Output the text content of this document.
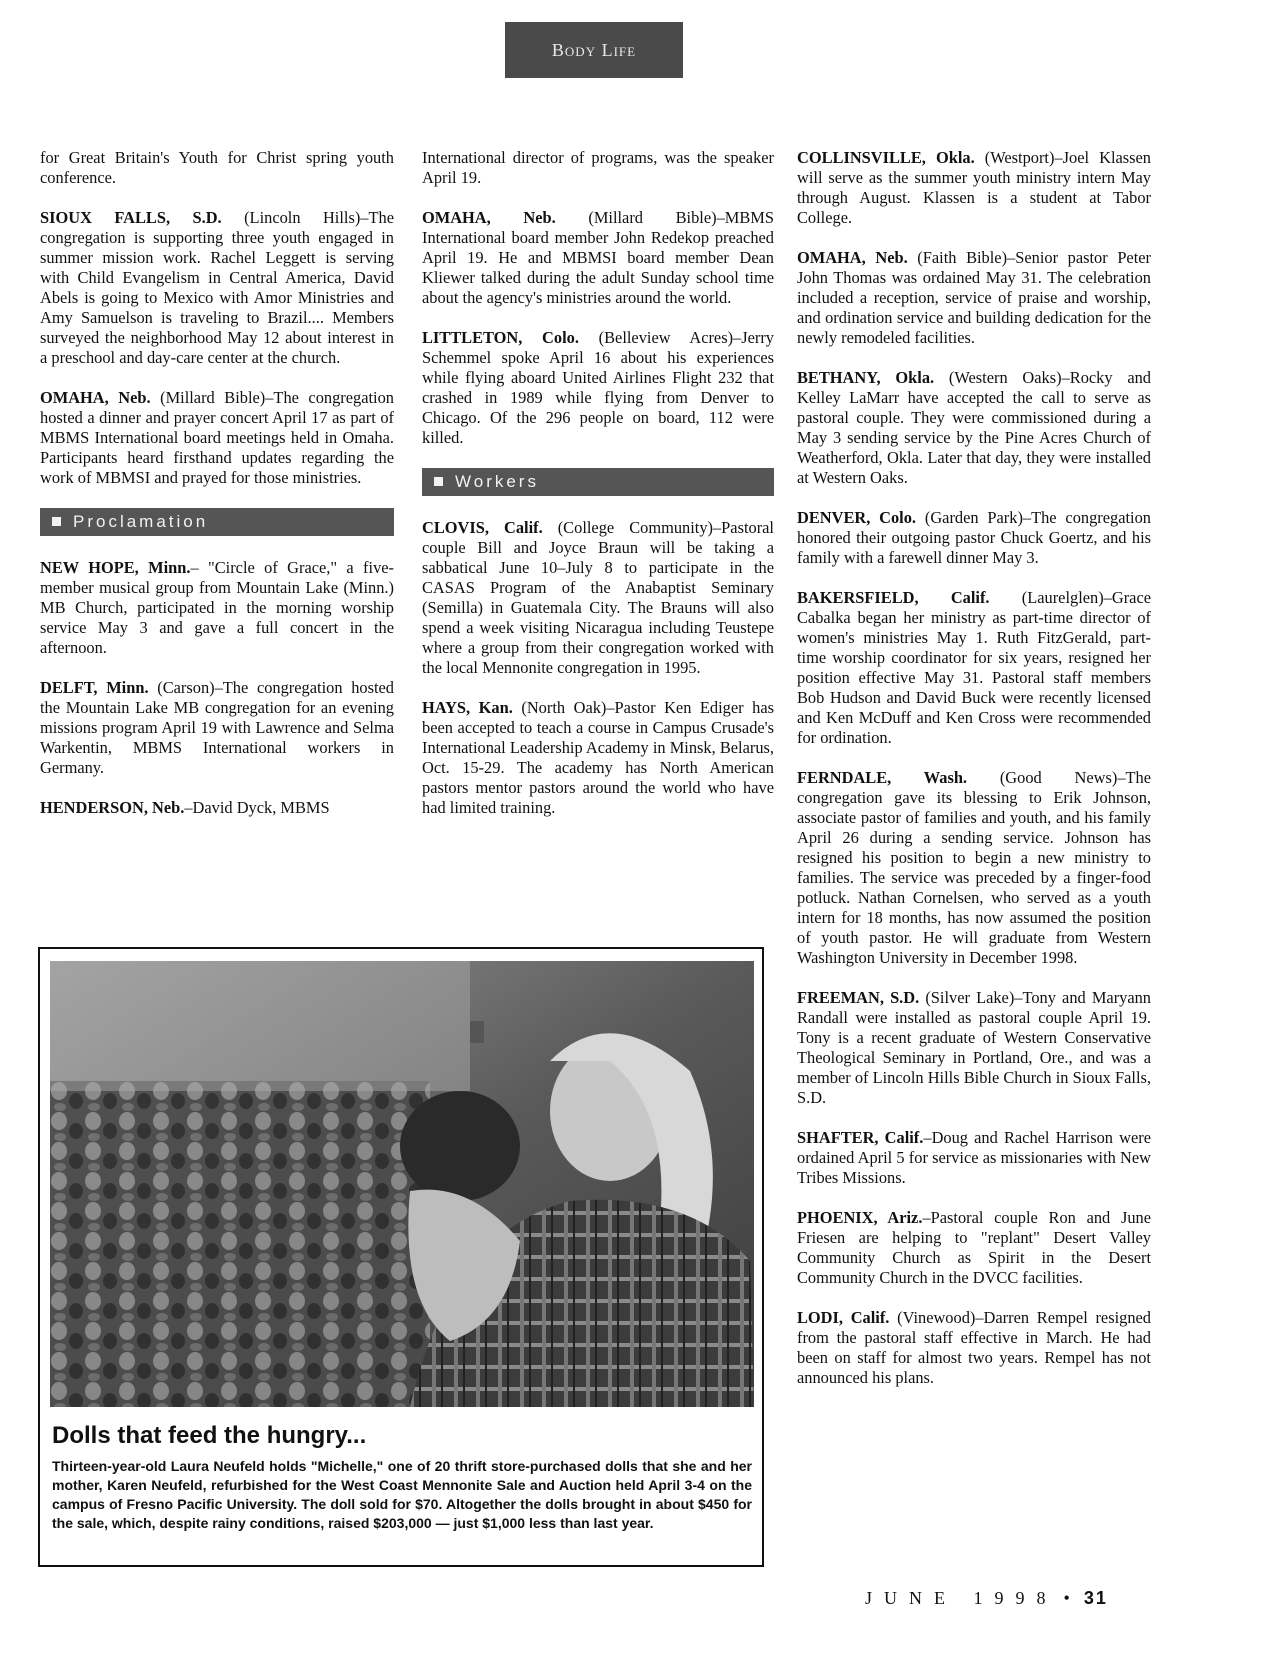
Body Life

for Great Britain's Youth for Christ spring youth conference.

SIOUX FALLS, S.D. (Lincoln Hills)–The congregation is supporting three youth engaged in summer mission work. Rachel Leggett is serving with Child Evangelism in Central America, David Abels is going to Mexico with Amor Ministries and Amy Samuelson is traveling to Brazil.... Members surveyed the neighborhood May 12 about interest in a preschool and day-care center at the church.

OMAHA, Neb. (Millard Bible)–The congregation hosted a dinner and prayer concert April 17 as part of MBMS International board meetings held in Omaha. Participants heard firsthand updates regarding the work of MBMSI and prayed for those ministries.

Proclamation

NEW HOPE, Minn.– "Circle of Grace," a five-member musical group from Mountain Lake (Minn.) MB Church, participated in the morning worship service May 3 and gave a full concert in the afternoon.

DELFT, Minn. (Carson)–The congregation hosted the Mountain Lake MB congregation for an evening missions program April 19 with Lawrence and Selma Warkentin, MBMS International workers in Germany.

HENDERSON, Neb.–David Dyck, MBMS

International director of programs, was the speaker April 19.

OMAHA, Neb. (Millard Bible)–MBMS International board member John Redekop preached April 19. He and MBMSI board member Dean Kliewer talked during the adult Sunday school time about the agency's ministries around the world.

LITTLETON, Colo. (Belleview Acres)–Jerry Schemmel spoke April 16 about his experiences while flying aboard United Airlines Flight 232 that crashed in 1989 while flying from Denver to Chicago. Of the 296 people on board, 112 were killed.

Workers

CLOVIS, Calif. (College Community)–Pastoral couple Bill and Joyce Braun will be taking a sabbatical June 10–July 8 to participate in the CASAS Program of the Anabaptist Seminary (Semilla) in Guatemala City. The Brauns will also spend a week visiting Nicaragua including Teustepe where a group from their congregation worked with the local Mennonite congregation in 1995.

HAYS, Kan. (North Oak)–Pastor Ken Ediger has been accepted to teach a course in Campus Crusade's International Leadership Academy in Minsk, Belarus, Oct. 15-29. The academy has North American pastors mentor pastors around the world who have had limited training.

COLLINSVILLE, Okla. (Westport)–Joel Klassen will serve as the summer youth ministry intern May through August. Klassen is a student at Tabor College.

OMAHA, Neb. (Faith Bible)–Senior pastor Peter John Thomas was ordained May 31. The celebration included a reception, service of praise and worship, and ordination service and building dedication for the newly remodeled facilities.

BETHANY, Okla. (Western Oaks)–Rocky and Kelley LaMarr have accepted the call to serve as pastoral couple. They were commissioned during a May 3 sending service by the Pine Acres Church of Weatherford, Okla. Later that day, they were installed at Western Oaks.

DENVER, Colo. (Garden Park)–The congregation honored their outgoing pastor Chuck Goertz, and his family with a farewell dinner May 3.

BAKERSFIELD, Calif. (Laurelglen)–Grace Cabalka began her ministry as part-time director of women's ministries May 1. Ruth FitzGerald, part-time worship coordinator for six years, resigned her position effective May 31. Pastoral staff members Bob Hudson and David Buck were recently licensed and Ken McDuff and Ken Cross were recommended for ordination.

FERNDALE, Wash. (Good News)–The congregation gave its blessing to Erik Johnson, associate pastor of families and youth, and his family April 26 during a sending service. Johnson has resigned his position to begin a new ministry to families. The service was preceded by a finger-food potluck. Nathan Cornelsen, who served as a youth intern for 18 months, has now assumed the position of youth pastor. He will graduate from Western Washington University in December 1998.

FREEMAN, S.D. (Silver Lake)–Tony and Maryann Randall were installed as pastoral couple April 19. Tony is a recent graduate of Western Conservative Theological Seminary in Portland, Ore., and was a member of Lincoln Hills Bible Church in Sioux Falls, S.D.

SHAFTER, Calif.–Doug and Rachel Harrison were ordained April 5 for service as missionaries with New Tribes Missions.

PHOENIX, Ariz.–Pastoral couple Ron and June Friesen are helping to "replant" Desert Valley Community Church as Spirit in the Desert Community Church in the DVCC facilities.

LODI, Calif. (Vinewood)–Darren Rempel resigned from the pastoral staff effective in March. He had been on staff for almost two years. Rempel has not announced his plans.

Dolls that feed the hungry...
Thirteen-year-old Laura Neufeld holds "Michelle," one of 20 thrift store-purchased dolls that she and her mother, Karen Neufeld, refurbished for the West Coast Mennonite Sale and Auction held April 3-4 on the campus of Fresno Pacific University. The doll sold for $70. Altogether the dolls brought in about $450 for the sale, which, despite rainy conditions, raised $203,000 — just $1,000 less than last year.
JUNE 1998 • 31
